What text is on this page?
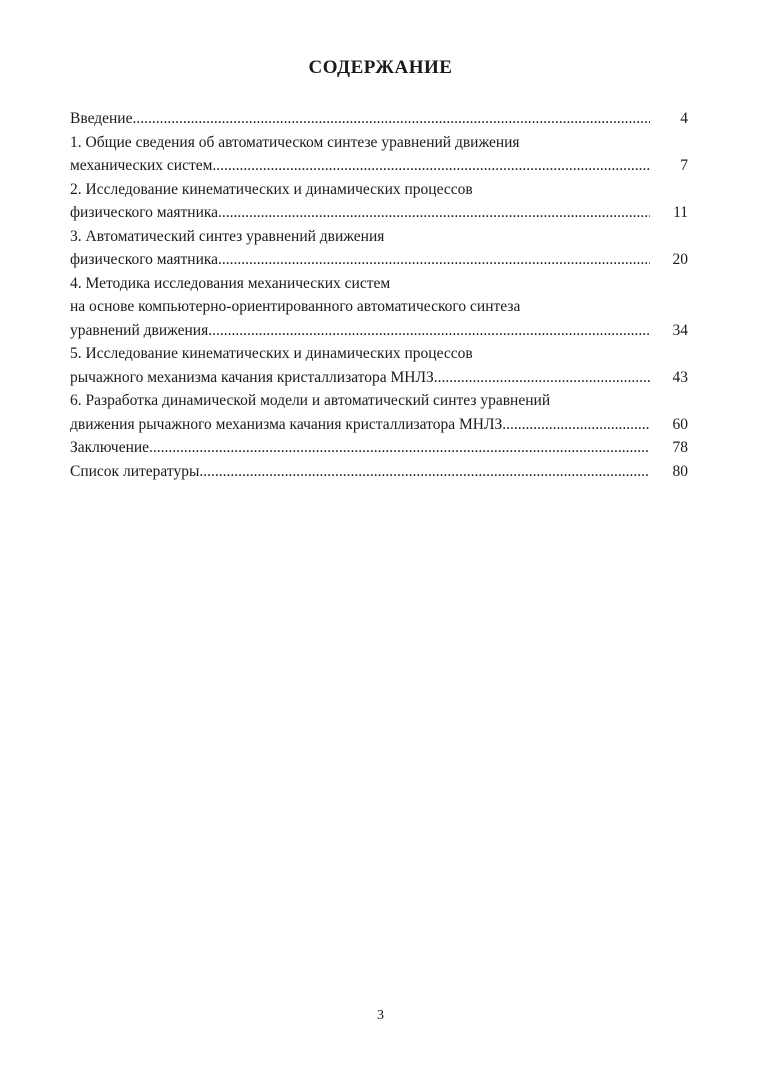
СОДЕРЖАНИЕ
Введение .....	4
1. Общие сведения об автоматическом синтезе уравнений движения
механических систем .....	7
2. Исследование кинематических и динамических процессов
физического маятника .....	11
3. Автоматический синтез уравнений движения
физического маятника .....	20
4. Методика исследования механических систем
на основе компьютерно-ориентированного автоматического синтеза
уравнений движения .....	34
5. Исследование кинематических и динамических процессов
рычажного механизма качания кристаллизатора МНЛЗ .....	43
6. Разработка динамической модели и автоматический синтез уравнений
движения рычажного механизма качания кристаллизатора МНЛЗ .....	60
Заключение .....	78
Список литературы .....	80
3
